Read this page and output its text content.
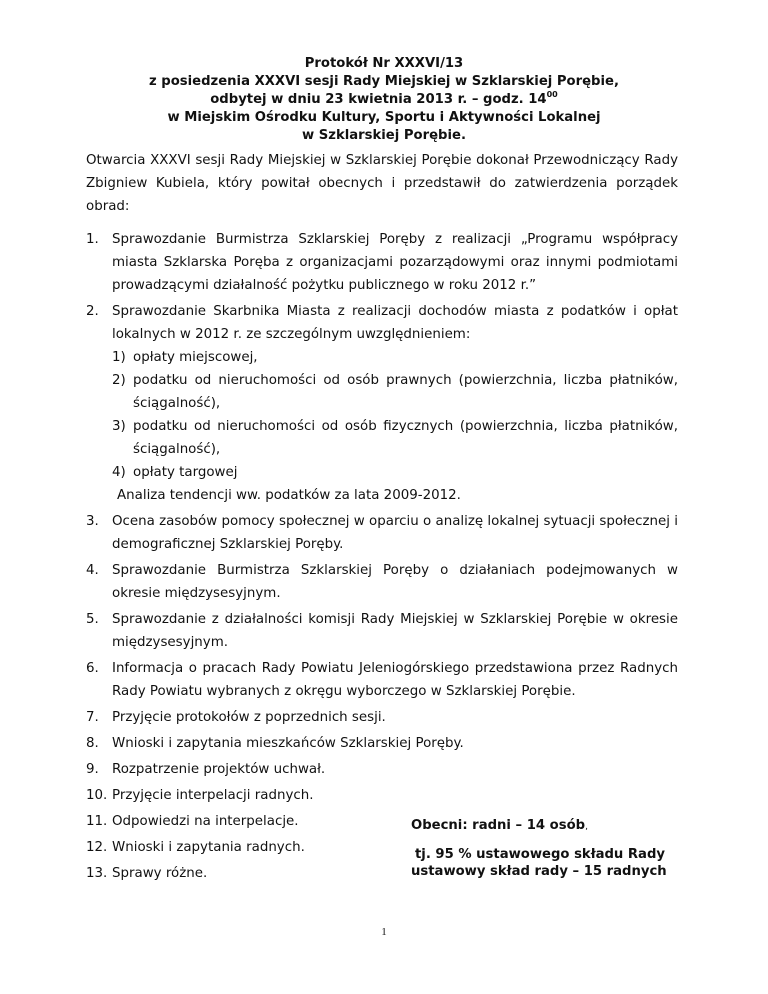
Protokół Nr XXXVI/13
z posiedzenia XXXVI sesji Rady Miejskiej w Szklarskiej Porębie,
odbytej w dniu 23 kwietnia 2013 r. – godz. $14^{00}$
w Miejskim Ośrodku Kultury, Sportu i Aktywności Lokalnej
w Szklarskiej Porębie.

Otwarcia XXXVI sesji Rady Miejskiej w Szklarskiej Porębie dokonał Przewodniczący Rady Zbigniew Kubiela, który powitał obecnych i przedstawił do zatwierdzenia porządek obrad:

1. Sprawozdanie Burmistrza Szklarskiej Poręby z realizacji „Programu współpracy miasta Szklarska Poręba z organizacjami pozarządowymi oraz innymi podmiotami prowadzącymi działalność pożytku publicznego w roku 2012 r.”
2. Sprawozdanie Skarbnika Miasta z realizacji dochodów miasta z podatków i opłat lokalnych w 2012 r. ze szczególnym uwzględnieniem:
1) opłaty miejscowej,
2) podatku od nieruchomości od osób prawnych (powierzchnia, liczba płatników, ściągalność),
3) podatku od nieruchomości od osób fizycznych (powierzchnia, liczba płatników, ściągalność),
4) opłaty targowej
Analiza tendencji ww. podatków za lata 2009-2012.
3. Ocena zasobów pomocy społecznej w oparciu o analizę lokalnej sytuacji społecznej i demograficznej Szklarskiej Poręby.
4. Sprawozdanie Burmistrza Szklarskiej Poręby o działaniach podejmowanych w okresie międzysesyjnym.
5. Sprawozdanie z działalności komisji Rady Miejskiej w Szklarskiej Porębie w okresie międzysesyjnym.
6. Informacja o pracach Rady Powiatu Jeleniogórskiego przedstawiona przez Radnych Rady Powiatu wybranych z okręgu wyborczego w Szklarskiej Porębie.
7. Przyjęcie protokołów z poprzednich sesji.
8. Wnioski i zapytania mieszkańców Szklarskiej Poręby.
9. Rozpatrzenie projektów uchwał.
10. Przyjęcie interpelacji radnych.
11. Odpowiedzi na interpelacje.
12. Wnioski i zapytania radnych.
13. Sprawy różne.
Obecni: radni – 14 osób,
tj. 95 % ustawowego składu Rady
ustawowy skład rady – 15 radnych
1
